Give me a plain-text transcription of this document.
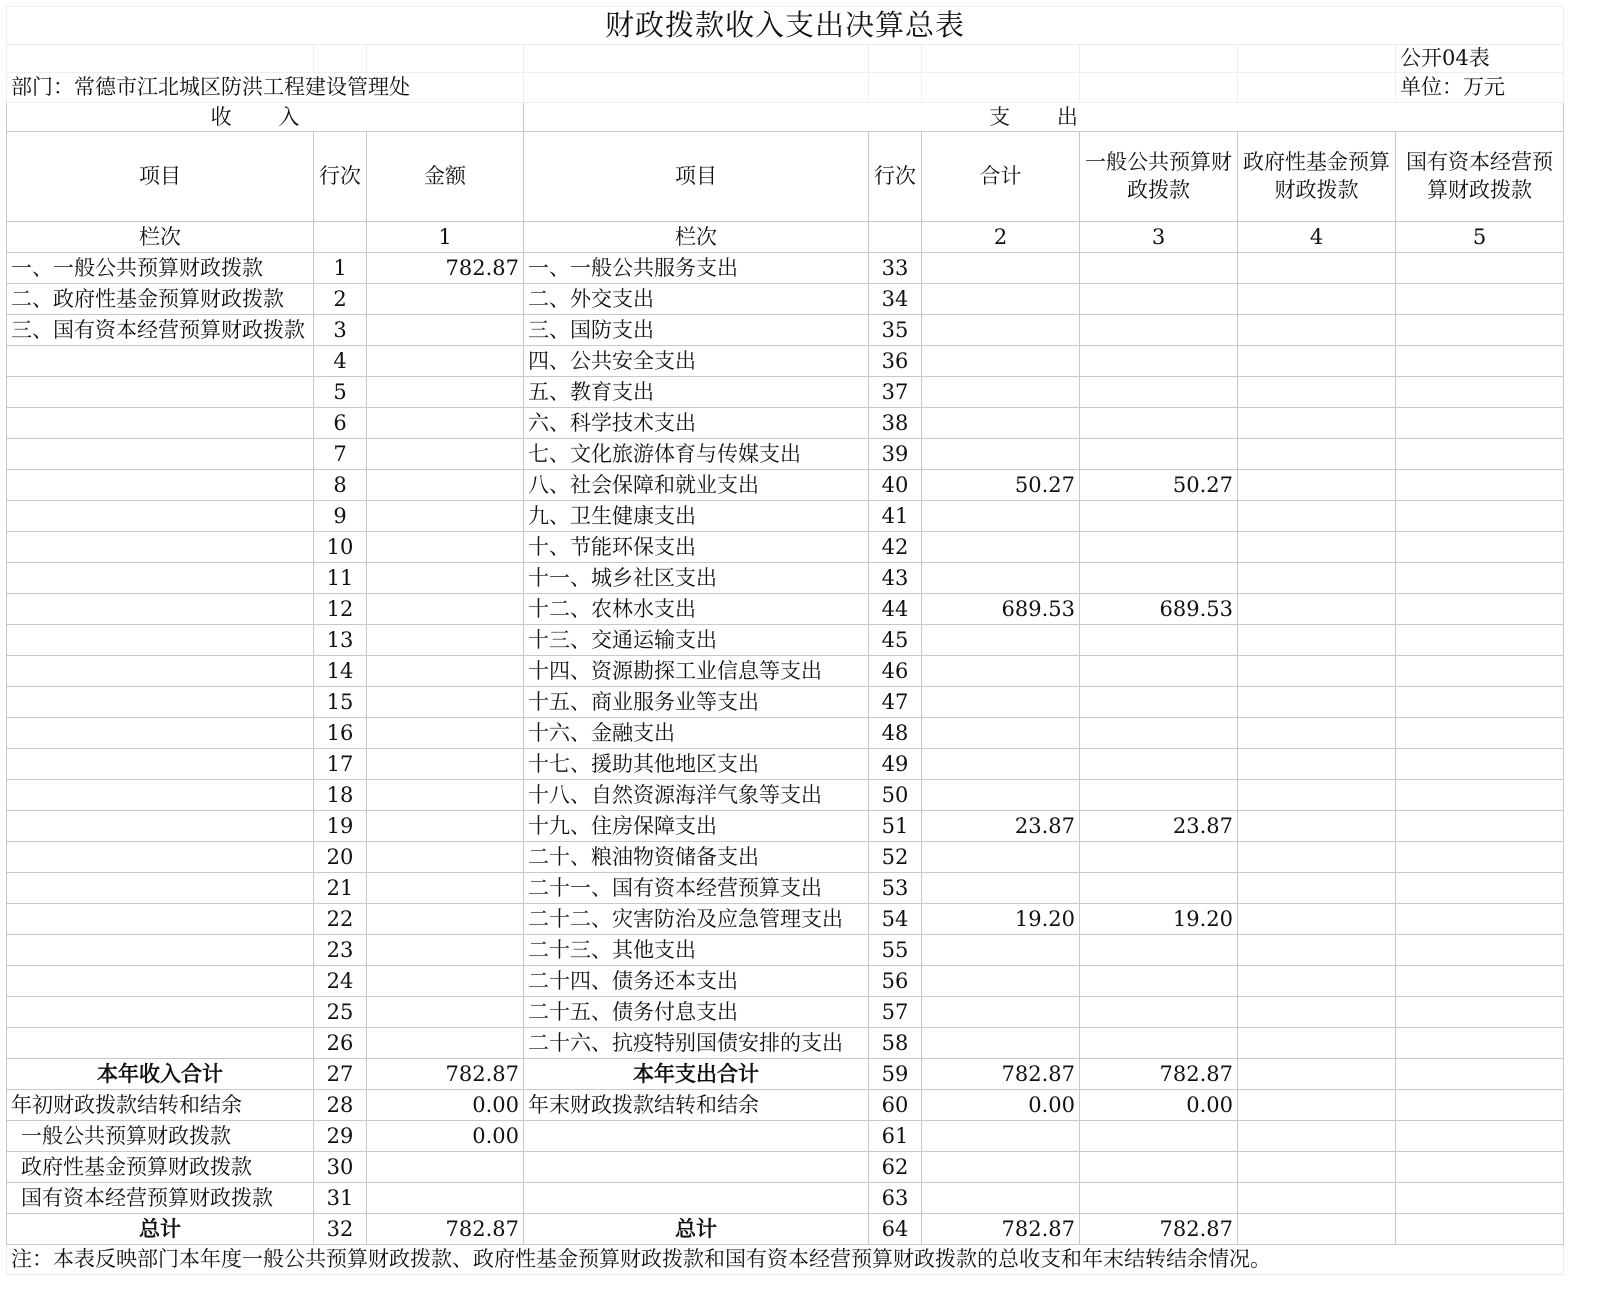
财政拨款收入支出决算总表								
								公开04表
部门：常德市江北城区防洪工程建设管理处								单位：万元
收 入			支 出					
项目	行次	金额	项目	行次	合计	一般公共预算财政拨款	政府性基金预算财政拨款	国有资本经营预算财政拨款
栏次		1	栏次		2	3	4	5
一、一般公共预算财政拨款	1	782.87	一、一般公共服务支出	33				
二、政府性基金预算财政拨款	2		二、外交支出	34				
三、国有资本经营预算财政拨款	3		三、国防支出	35				
	4		四、公共安全支出	36				
	5		五、教育支出	37				
	6		六、科学技术支出	38				
	7		七、文化旅游体育与传媒支出	39				
	8		八、社会保障和就业支出	40	50.27	50.27		
	9		九、卫生健康支出	41				
	10		十、节能环保支出	42				
	11		十一、城乡社区支出	43				
	12		十二、农林水支出	44	689.53	689.53		
	13		十三、交通运输支出	45				
	14		十四、资源勘探工业信息等支出	46				
	15		十五、商业服务业等支出	47				
	16		十六、金融支出	48				
	17		十七、援助其他地区支出	49				
	18		十八、自然资源海洋气象等支出	50				
	19		十九、住房保障支出	51	23.87	23.87		
	20		二十、粮油物资储备支出	52				
	21		二十一、国有资本经营预算支出	53				
	22		二十二、灾害防治及应急管理支出	54	19.20	19.20		
	23		二十三、其他支出	55				
	24		二十四、债务还本支出	56				
	25		二十五、债务付息支出	57				
	26		二十六、抗疫特别国债安排的支出	58				
本年收入合计	27	782.87	本年支出合计	59	782.87	782.87		
年初财政拨款结转和结余	28	0.00	年末财政拨款结转和结余	60	0.00	0.00		
一般公共预算财政拨款	29	0.00		61				
政府性基金预算财政拨款	30			62				
国有资本经营预算财政拨款	31			63				
总计	32	782.87	总计	64	782.87	782.87		
注：本表反映部门本年度一般公共预算财政拨款、政府性基金预算财政拨款和国有资本经营预算财政拨款的总收支和年末结转结余情况。								
